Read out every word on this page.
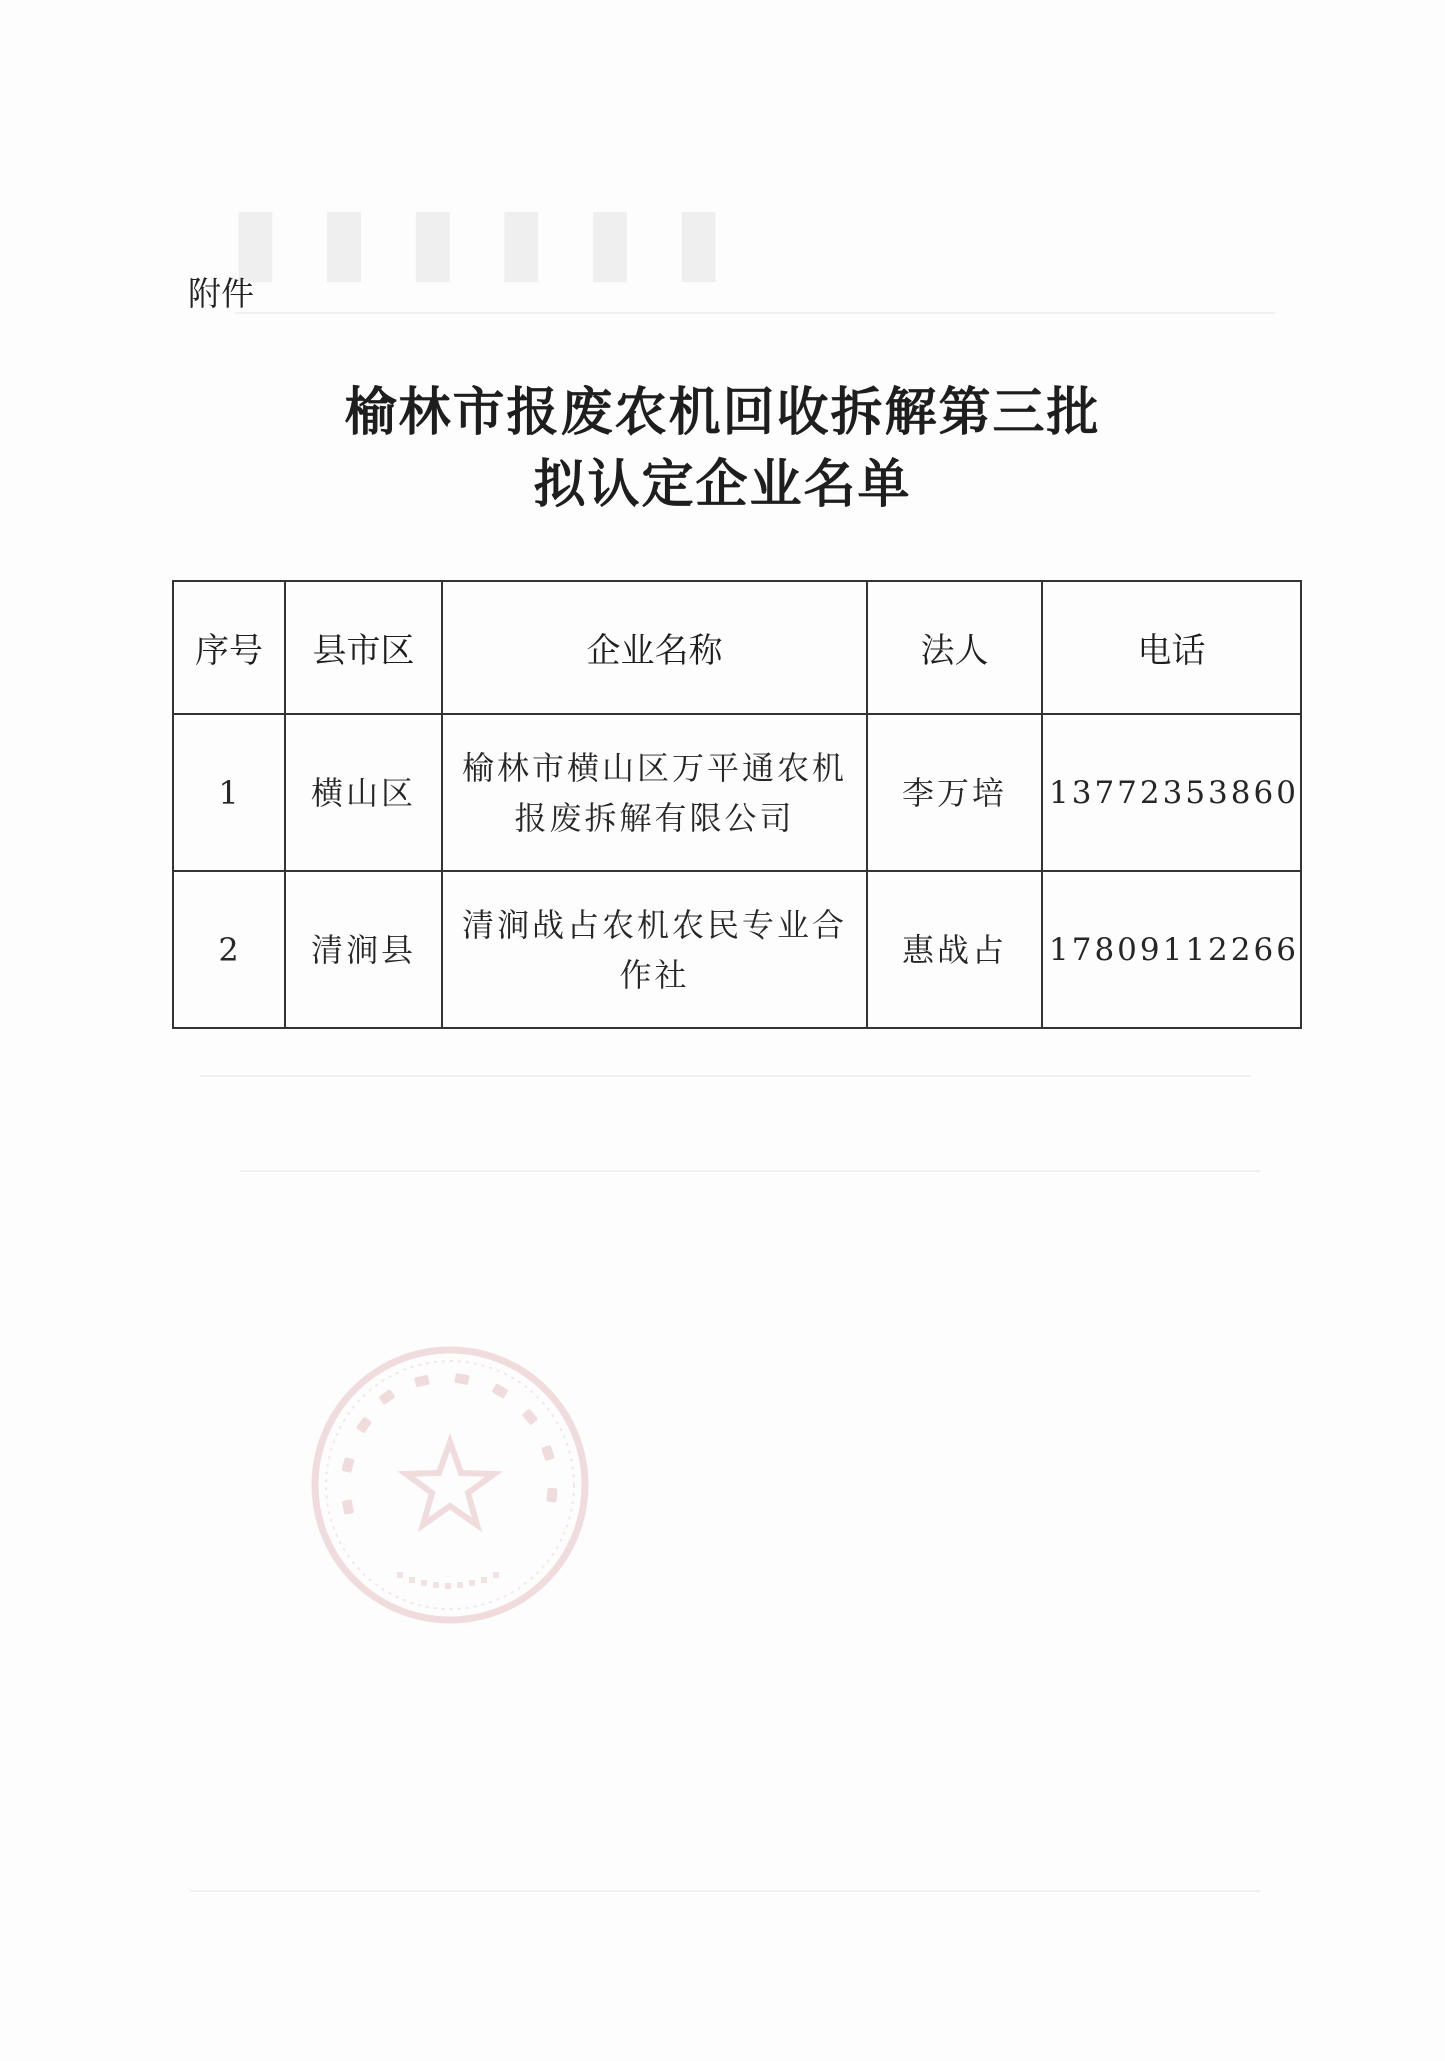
▮▮▮▮▮▮
附件
榆林市报废农机回收拆解第三批
拟认定企业名单
序号	县市区	企业名称	法人	电话
1	横山区	榆林市横山区万平通农机报废拆解有限公司	李万培	13772353860
2	清涧县	清涧战占农机农民专业合作社	惠战占	17809112266
